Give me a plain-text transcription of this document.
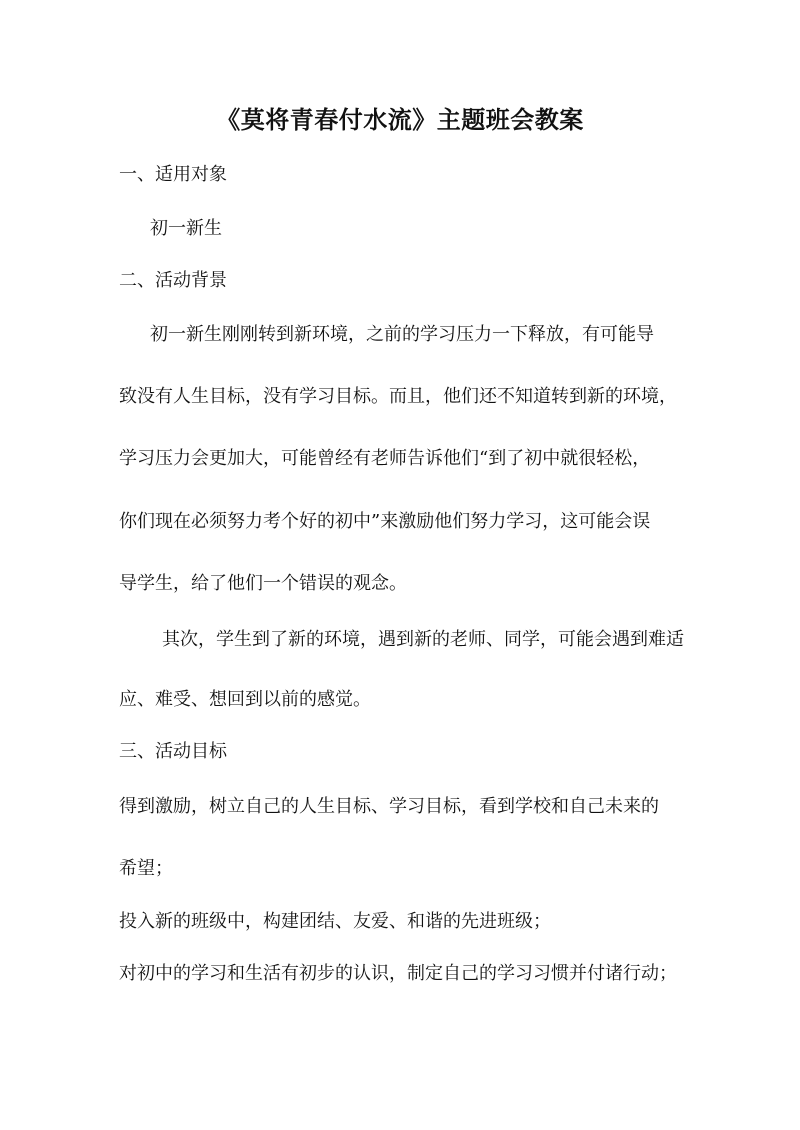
《莫将青春付水流》主题班会教案
一、适用对象
初一新生
二、活动背景
初一新生刚刚转到新环境，之前的学习压力一下释放，有可能导
致没有人生目标，没有学习目标。而且，他们还不知道转到新的环境，
学习压力会更加大，可能曾经有老师告诉他们“到了初中就很轻松，
你们现在必须努力考个好的初中”来激励他们努力学习，这可能会误
导学生，给了他们一个错误的观念。
其次，学生到了新的环境，遇到新的老师、同学，可能会遇到难适
应、难受、想回到以前的感觉。
三、活动目标
得到激励，树立自己的人生目标、学习目标，看到学校和自己未来的
希望；
投入新的班级中，构建团结、友爱、和谐的先进班级；
对初中的学习和生活有初步的认识，制定自己的学习习惯并付诸行动；
